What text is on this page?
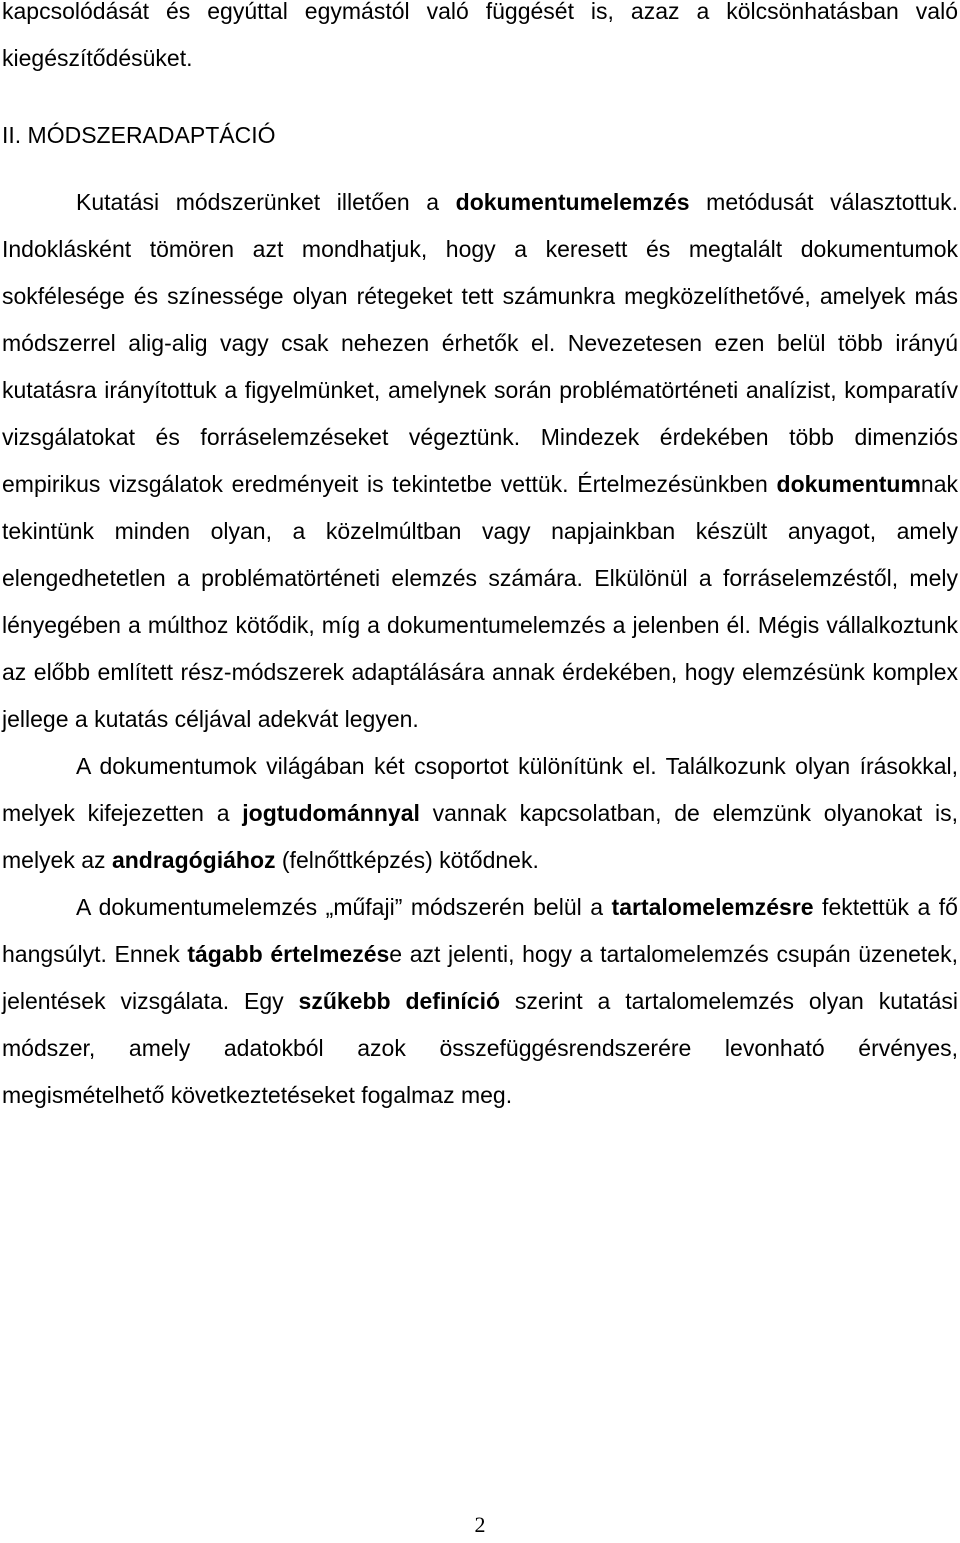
kapcsolódását és egyúttal egymástól való függését is, azaz a kölcsönhatásban való kiegészítődésüket.

II. MÓDSZERADAPTÁCIÓ

Kutatási módszerünket illetően a dokumentumelemzés metódusát választottuk. Indoklásként tömören azt mondhatjuk, hogy a keresett és megtalált dokumentumok sokfélesége és színessége olyan rétegeket tett számunkra megközelíthetővé, amelyek más módszerrel alig-alig vagy csak nehezen érhetők el. Nevezetesen ezen belül több irányú kutatásra irányítottuk a figyelmünket, amelynek során problématörténeti analízist, komparatív vizsgálatokat és forráselemzéseket végeztünk. Mindezek érdekében több dimenziós empirikus vizsgálatok eredményeit is tekintetbe vettük. Értelmezésünkben dokumentumnak tekintünk minden olyan, a közelmúltban vagy napjainkban készült anyagot, amely elengedhetetlen a problématörténeti elemzés számára. Elkülönül a forráselemzéstől, mely lényegében a múlthoz kötődik, míg a dokumentumelemzés a jelenben él. Mégis vállalkoztunk az előbb említett rész-módszerek adaptálására annak érdekében, hogy elemzésünk komplex jellege a kutatás céljával adekvát legyen.

A dokumentumok világában két csoportot különítünk el. Találkozunk olyan írásokkal, melyek kifejezetten a jogtudománnyal vannak kapcsolatban, de elemzünk olyanokat is, melyek az andragógiához (felnőttképzés) kötődnek.

A dokumentumelemzés „műfaji” módszerén belül a tartalomelemzésre fektettük a fő hangsúlyt. Ennek tágabb értelmezése azt jelenti, hogy a tartalomelemzés csupán üzenetek, jelentések vizsgálata. Egy szűkebb definíció szerint a tartalomelemzés olyan kutatási módszer, amely adatokból azok összefüggésrendszerére levonható érvényes, megismételhető következtetéseket fogalmaz meg.

2
